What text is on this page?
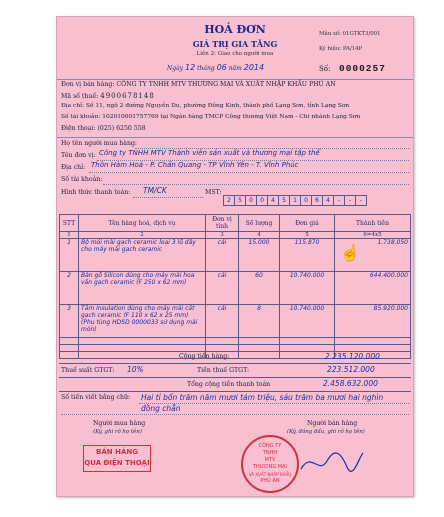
Mẫu số: 01GTKT3/001
Ký hiệu: PA/14P
Số: 0000257
HOÁ ĐƠN
GIÁ TRỊ GIA TĂNG
Liên 2: Giao cho người mua
Ngày 12 tháng 06 năm 2014
Đơn vị bán hàng: CÔNG TY TNHH MTV THƯƠNG MẠI VÀ XUẤT NHẬP KHẨU PHÚ AN
Mã số thuế: 4900678148
Địa chỉ: Số 11, ngõ 2 đường Nguyễn Du, phường Đông Kinh, thành phố Lạng Sơn, tỉnh Lạng Sơn
Số tài khoản: 102010001757769 tại Ngân hàng TMCP Công thương Việt Nam - Chi nhánh Lạng Sơn
Điện thoại: (025) 6250 558
Họ tên người mua hàng:
Tên đơn vị: Công ty TNHH MTV Thành viên sản xuất và thương mại tập thể
Địa chỉ: Thôn Hàm Hoá - P. Chấn Quang - TP Vĩnh Yên - T. Vĩnh Phúc
Số tài khoản:
Hình thức thanh toán: TM/CK	MST:
2 5 0 0 4 5 1 0 6 4 - - -
STT	Tên hàng hoá, dịch vụ	Đơn vị tính	Số lượng	Đơn giá	Thành tiền
1	2	3	4	5	6=4x5
1	Bộ mỏi mài gạch ceramic loại 3 lỗ dây cho máy mài gạch ceramic	cái	15.000	115.870	1.738.050
2	Bàn gỗ Silicon dùng cho máy mài hoa văn gạch ceramic (F 250 x 62 mm)	cái	60	10.740.000	644.400.000
3	Tấm insulation dùng cho máy mài cắt gạch ceramic (F 110 x 62 x 25 mm) (Phụ tùng HDSD 0000033 sử dụng mài mòn)	cái	8	10.740.000	85.920.000

Cộng tiền hàng:	2.235.120.000
Thuế suất GTGT: 10%	Tiền thuế GTGT:	223.512.000
Tổng cộng tiền thanh toán	2.458.632.000
Số tiền viết bằng chữ: Hai tỉ bốn trăm năm mươi tám triệu, sáu trăm ba mươi hai nghìn đồng chẵn
Người mua hàng
(Ký, ghi rõ họ tên)
Người bán hàng
(Ký, đóng dấu, ghi rõ họ tên)
BÁN HÀNG
QUA ĐIỆN THOẠI
CÔNG TY
TNHH
MTV
THƯƠNG MẠI
VÀ XUẤT NHẬP KHẨU
PHÚ AN
☝
